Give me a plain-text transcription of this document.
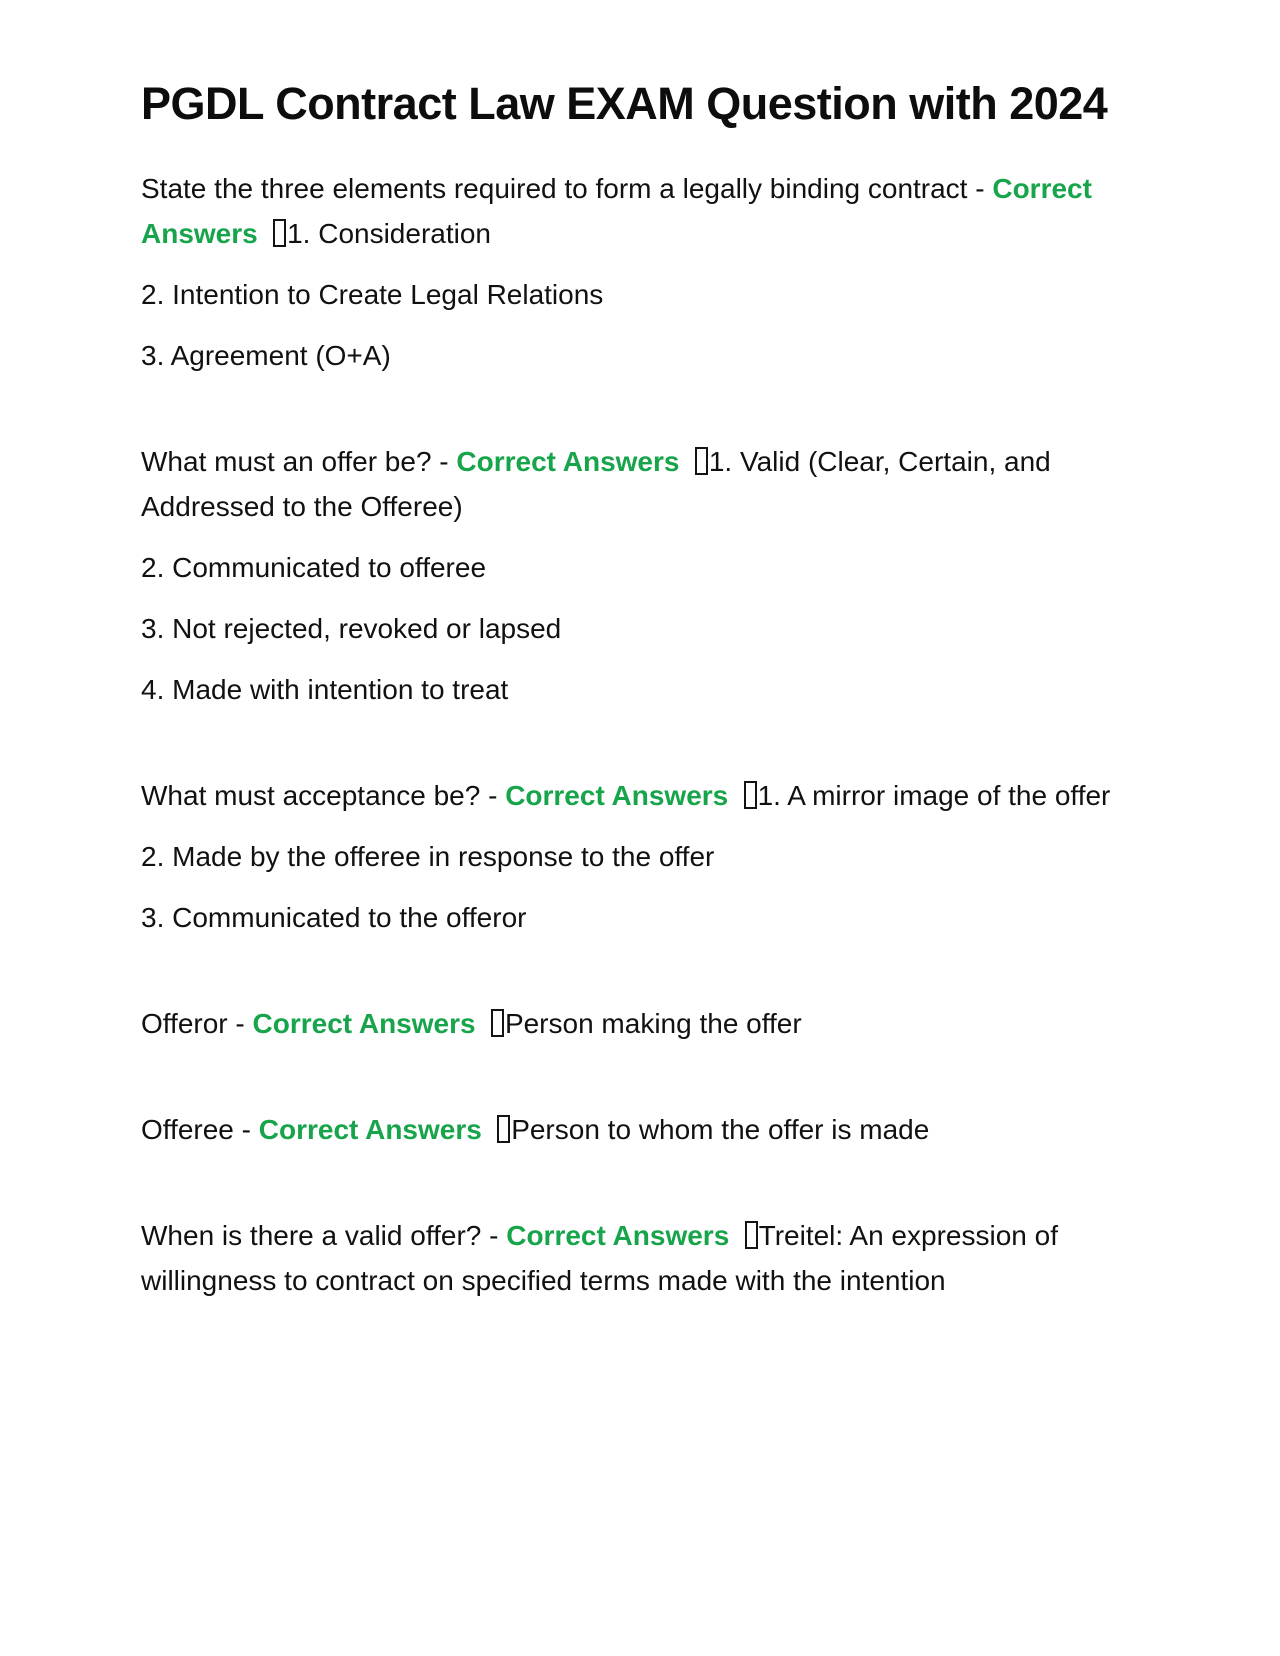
PGDL Contract Law EXAM Question with 2024

State the three elements required to form a legally binding contract - Correct Answers 1. Consideration

2. Intention to Create Legal Relations

3. Agreement (O+A)

What must an offer be? - Correct Answers 1. Valid (Clear, Certain, and Addressed to the Offeree)

2. Communicated to offeree

3. Not rejected, revoked or lapsed

4. Made with intention to treat

What must acceptance be? - Correct Answers 1. A mirror image of the offer

2. Made by the offeree in response to the offer

3. Communicated to the offeror

Offeror - Correct Answers Person making the offer

Offeree - Correct Answers Person to whom the offer is made

When is there a valid offer? - Correct Answers Treitel: An expression of willingness to contract on specified terms made with the intention
